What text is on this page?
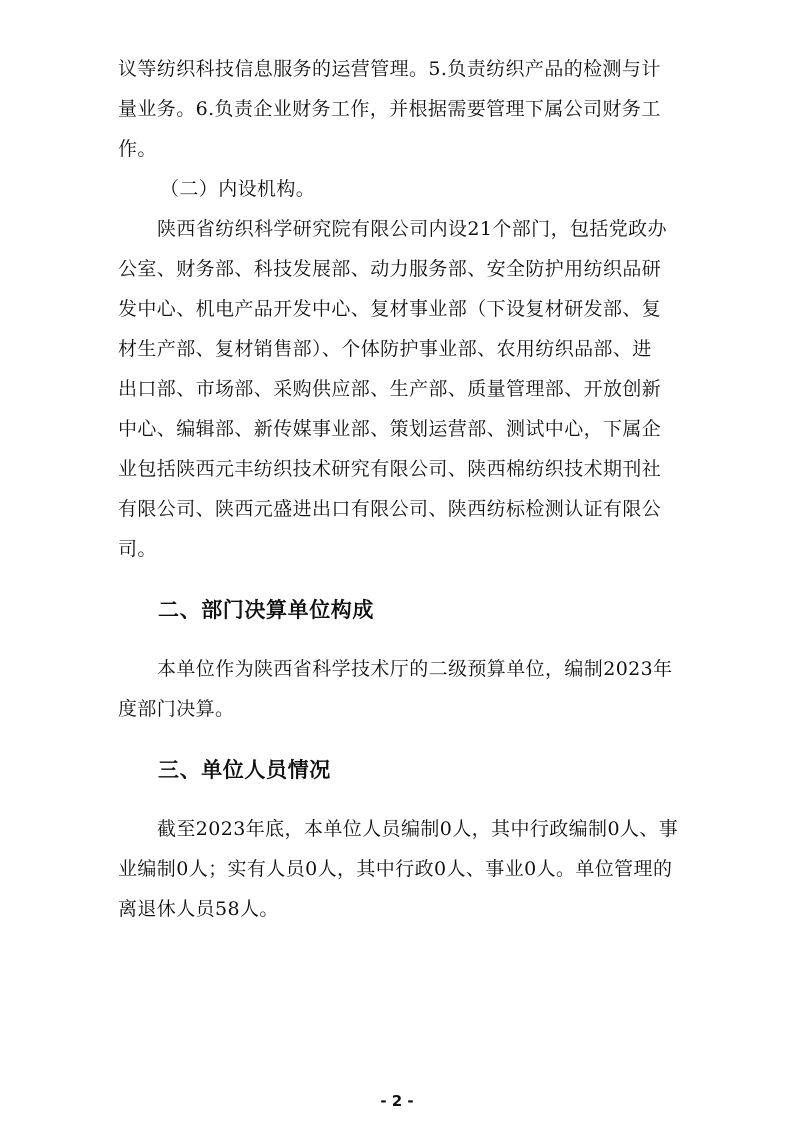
议等纺织科技信息服务的运营管理。5.负责纺织产品的检测与计
量业务。6.负责企业财务工作，并根据需要管理下属公司财务工
作。
（二）内设机构。
陕西省纺织科学研究院有限公司内设21个部门，包括党政办
公室、财务部、科技发展部、动力服务部、安全防护用纺织品研
发中心、机电产品开发中心、复材事业部（下设复材研发部、复
材生产部、复材销售部）、个体防护事业部、农用纺织品部、进
出口部、市场部、采购供应部、生产部、质量管理部、开放创新
中心、编辑部、新传媒事业部、策划运营部、测试中心，下属企
业包括陕西元丰纺织技术研究有限公司、陕西棉纺织技术期刊社
有限公司、陕西元盛进出口有限公司、陕西纺标检测认证有限公
司。
二、部门决算单位构成
本单位作为陕西省科学技术厅的二级预算单位，编制2023年
度部门决算。
三、单位人员情况
截至2023年底，本单位人员编制0人，其中行政编制0人、事
业编制0人；实有人员0人，其中行政0人、事业0人。单位管理的
离退休人员58人。
- 2 -
